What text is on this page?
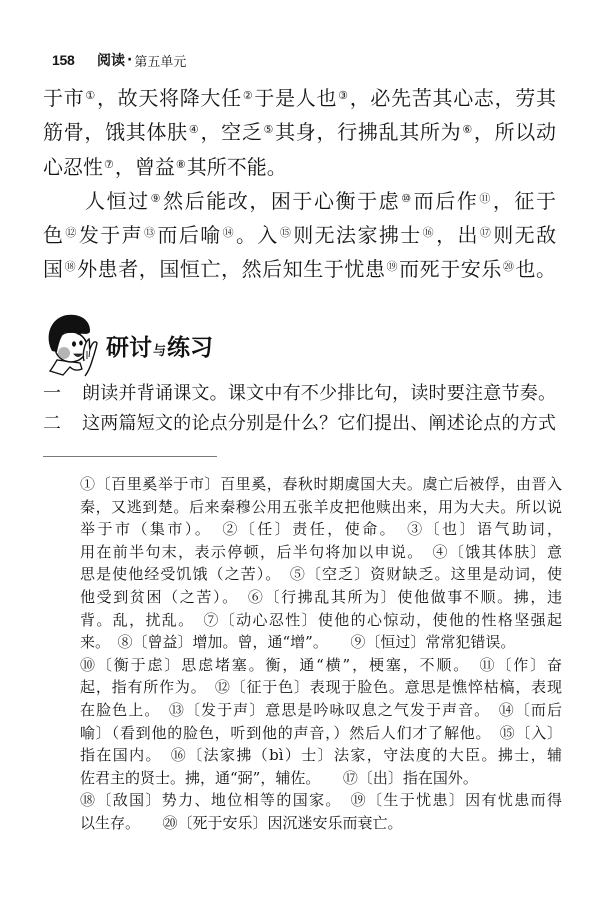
158	阅读 · 第五单元
于市①，故天将降大任②于是人也③，必先苦其心志，劳其
筋骨，饿其体肤④，空乏⑤其身，行拂乱其所为⑥，所以动
心忍性⑦，曾益⑧其所不能。
人恒过⑨然后能改，困于心衡于虑⑩而后作⑪，征于
色⑫发于声⑬而后喻⑭。入⑮则无法家拂士⑯，出⑰则无敌
国⑱外患者，国恒亡，然后知生于忧患⑲而死于安乐⑳也。
研讨与练习
一	朗读并背诵课文。课文中有不少排比句，读时要注意节奏。
二	这两篇短文的论点分别是什么？它们提出、阐述论点的方式
①〔百里奚举于市〕百里奚，春秋时期虞国大夫。虞亡后被俘，由晋入
秦，又逃到楚。后来秦穆公用五张羊皮把他赎出来，用为大夫。所以说
举于市（集市）。　②〔任〕责任，使命。　③〔也〕语气助词，
用在前半句末，表示停顿，后半句将加以申说。　④〔饿其体肤〕意
思是使他经受饥饿（之苦）。　⑤〔空乏〕资财缺乏。这里是动词，使
他受到贫困（之苦）。　⑥〔行拂乱其所为〕使他做事不顺。拂，违
背。乱，扰乱。　⑦〔动心忍性〕使他的心惊动，使他的性格坚强起
来。　⑧〔曾益〕增加。曾，通“增”。　　⑨〔恒过〕常常犯错误。
⑩〔衡于虑〕思虑堵塞。衡，通“横”，梗塞，不顺。　⑪〔作〕奋
起，指有所作为。　⑫〔征于色〕表现于脸色。意思是憔悴枯槁，表现
在脸色上。　⑬〔发于声〕意思是吟咏叹息之气发于声音。　⑭〔而后
喻〕（看到他的脸色，听到他的声音，）然后人们才了解他。　⑮〔入〕
指在国内。　⑯〔法家拂（bì）士〕法家，守法度的大臣。拂士，辅
佐君主的贤士。拂，通“弼”，辅佐。　　⑰〔出〕指在国外。
⑱〔敌国〕势力、地位相等的国家。　⑲〔生于忧患〕因有忧患而得
以生存。　　⑳〔死于安乐〕因沉迷安乐而衰亡。
